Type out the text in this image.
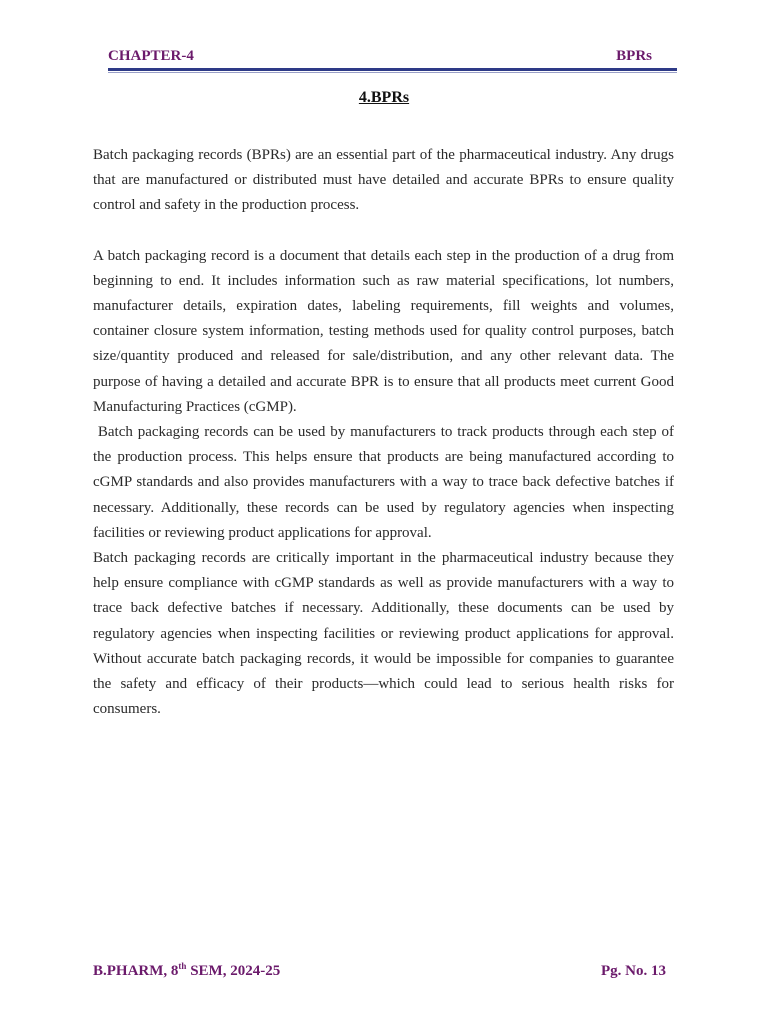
CHAPTER-4	BPRs
4.BPRs

Batch packaging records (BPRs) are an essential part of the pharmaceutical industry. Any drugs that are manufactured or distributed must have detailed and accurate BPRs to ensure quality control and safety in the production process.

A batch packaging record is a document that details each step in the production of a drug from beginning to end. It includes information such as raw material specifications, lot numbers, manufacturer details, expiration dates, labeling requirements, fill weights and volumes, container closure system information, testing methods used for quality control purposes, batch size/quantity produced and released for sale/distribution, and any other relevant data. The purpose of having a detailed and accurate BPR is to ensure that all products meet current Good Manufacturing Practices (cGMP).

Batch packaging records can be used by manufacturers to track products through each step of the production process. This helps ensure that products are being manufactured according to cGMP standards and also provides manufacturers with a way to trace back defective batches if necessary. Additionally, these records can be used by regulatory agencies when inspecting facilities or reviewing product applications for approval.

Batch packaging records are critically important in the pharmaceutical industry because they help ensure compliance with cGMP standards as well as provide manufacturers with a way to trace back defective batches if necessary. Additionally, these documents can be used by regulatory agencies when inspecting facilities or reviewing product applications for approval. Without accurate batch packaging records, it would be impossible for companies to guarantee the safety and efficacy of their products—which could lead to serious health risks for consumers.

B.PHARM, 8th SEM, 2024-25	Pg. No. 13
